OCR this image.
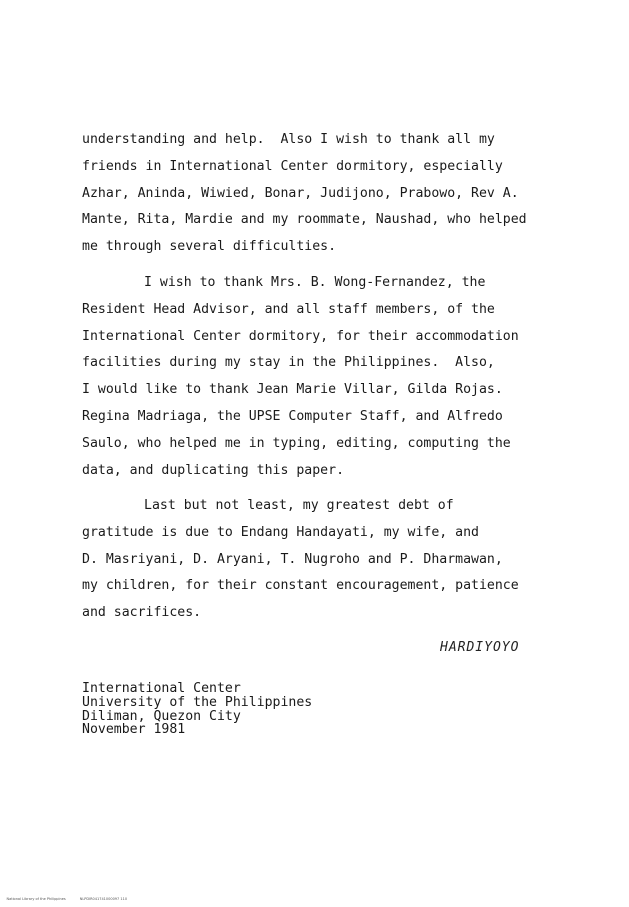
understanding and help.  Also I wish to thank all my
friends in International Center dormitory, especially
Azhar, Aninda, Wiwied, Bonar, Judijono, Prabowo, Rev A.
Mante, Rita, Mardie and my roommate, Naushad, who helped
me through several difficulties.
I wish to thank Mrs. B. Wong-Fernandez, the
Resident Head Advisor, and all staff members, of the
International Center dormitory, for their accommodation
facilities during my stay in the Philippines.  Also,
I would like to thank Jean Marie Villar, Gilda Rojas.
Regina Madriaga, the UPSE Computer Staff, and Alfredo
Saulo, who helped me in typing, editing, computing the
data, and duplicating this paper.
Last but not least, my greatest debt of
gratitude is due to Endang Handayati, my wife, and
D. Masriyani, D. Aryani, T. Nugroho and P. Dharmawan,
my children, for their constant encouragement, patience
and sacrifices.
HARDIYOYO
International Center
University of the Philippines
Diliman, Quezon City
November 1981

National Library of the Philippines	NLPDIR041741000097 110
